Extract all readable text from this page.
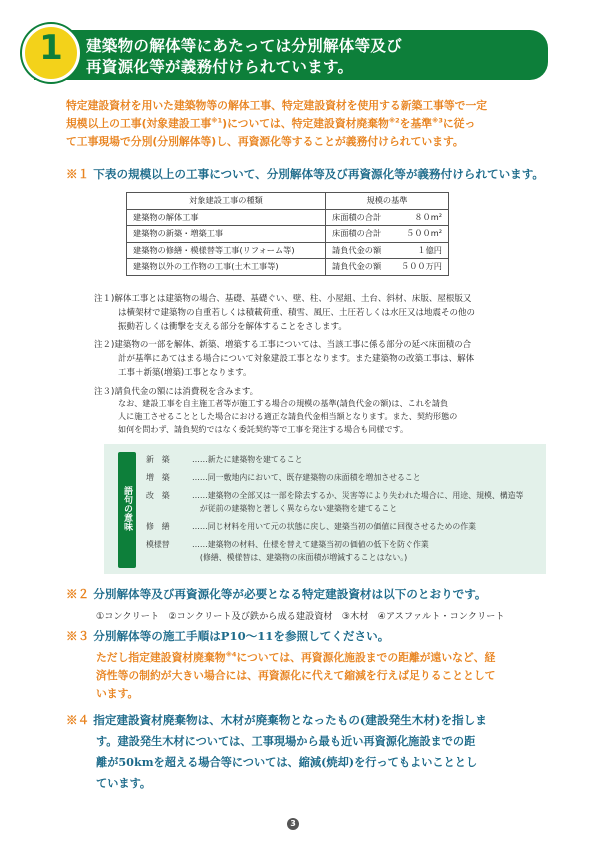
1	建築物の解体等にあたっては分別解体等及び
再資源化等が義務付けられています。
特定建設資材を用いた建築物等の解体工事、特定建設資材を使用する新築工事等で一定
規模以上の工事(対象建設工事$^{※1}$)については、特定建設資材廃棄物$^{※2}$を基準$^{※3}$に従っ
て工事現場で分別(分別解体等)し、再資源化等することが義務付けられています。
※１ 下表の規模以上の工事について、分別解体等及び再資源化等が義務付けられています。
対象建設工事の種類	規模の基準
建築物の解体工事	床面積の合計 ８０m²

建築物の新築・増築工事	床面積の合計 ５００m²

建築物の修繕・模様替等工事(リフォーム等)	請負代金の額 １億円

建築物以外の工作物の工事(土木工事等)	請負代金の額 ５００万円
注１)解体工事とは建築物の場合、基礎、基礎ぐい、壁、柱、小屋組、土台、斜材、床版、屋根版又
は横架材で建築物の自重若しくは積載荷重、積雪、風圧、土圧若しくは水圧又は地震その他の
振動若しくは衝撃を支える部分を解体することをさします。
注２)建築物の一部を解体、新築、増築する工事については、当該工事に係る部分の延べ床面積の合
計が基準にあてはまる場合について対象建設工事となります。また建築物の改築工事は、解体
工事＋新築(増築)工事となります。
注３)請負代金の額には消費税を含みます。
なお、建設工事を自主施工者等が施工する場合の規模の基準(請負代金の額)は、これを請負
人に施工させることとした場合における適正な請負代金相当額となります。また、契約形態の
如何を問わず、請負契約ではなく委託契約等で工事を発注する場合も同様です。
語句の意味
新　築	……新たに建築物を建てること
増　築	……同一敷地内において、既存建築物の床面積を増加させること
改　築	……建築物の全部又は一部を除去するか、災害等により失われた場合に、用途、規模、構造等
　が従前の建築物と著しく異ならない建築物を建てること
修　繕	……同じ材料を用いて元の状態に戻し、建築当初の価値に回復させるための作業
模様替	……建築物の材料、仕様を替えて建築当初の価値の低下を防ぐ作業
　(修繕、模様替は、建築物の床面積が増減することはない。)
※２ 分別解体等及び再資源化等が必要となる特定建設資材は以下のとおりです。
①コンクリート　②コンクリート及び鉄から成る建設資材　③木材　④アスファルト・コンクリート
※３ 分別解体等の施工手順はP10〜11を参照してください。
ただし指定建設資材廃棄物$^{※4}$については、再資源化施設までの距離が遠いなど、経
済性等の制約が大きい場合には、再資源化に代えて縮減を行えば足りることとして
います。
※４ 指定建設資材廃棄物は、木材が廃棄物となったもの(建設発生木材)を指しま
す。建設発生木材については、工事現場から最も近い再資源化施設までの距
離が50kmを超える場合等については、縮減(焼却)を行ってもよいこととし
ています。
3
